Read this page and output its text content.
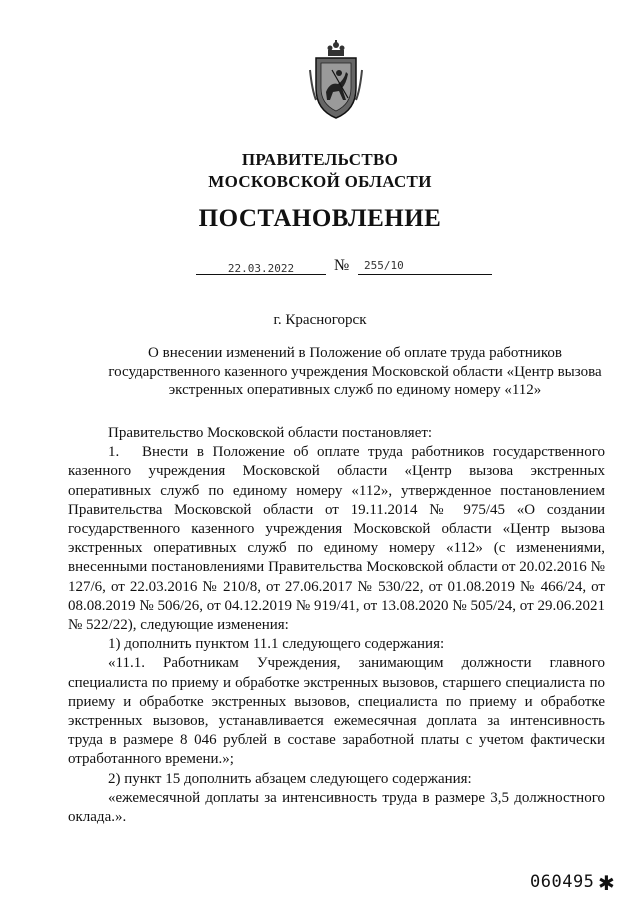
ПРАВИТЕЛЬСТВО

МОСКОВСКОЙ ОБЛАСТИ

ПОСТАНОВЛЕНИЕ

22.03.2022	№ 255/10

г. Красногорск

О внесении изменений в Положение об оплате труда работников государственного казенного учреждения Московской области «Центр вызова экстренных оперативных служб по единому номеру «112»

Правительство Московской области постановляет:

1. Внести в Положение об оплате труда работников государственного казенного учреждения Московской области «Центр вызова экстренных оперативных служб по единому номеру «112», утвержденное постановлением Правительства Московской области от 19.11.2014 № 975/45 «О создании государственного казенного учреждения Московской области «Центр вызова экстренных оперативных служб по единому номеру «112» (с изменениями, внесенными постановлениями Правительства Московской области от 20.02.2016 № 127/6, от 22.03.2016 № 210/8, от 27.06.2017 № 530/22, от 01.08.2019 № 466/24, от 08.08.2019 № 506/26, от 04.12.2019 № 919/41, от 13.08.2020 № 505/24, от 29.06.2021 № 522/22), следующие изменения:

1) дополнить пунктом 11.1 следующего содержания:

«11.1. Работникам Учреждения, занимающим должности главного специалиста по приему и обработке экстренных вызовов, старшего специалиста по приему и обработке экстренных вызовов, специалиста по приему и обработке экстренных вызовов, устанавливается ежемесячная доплата за интенсивность труда в размере 8 046 рублей в составе заработной платы с учетом фактически отработанного времени.»;

2) пункт 15 дополнить абзацем следующего содержания:

«ежемесячной доплаты за интенсивность труда в размере 3,5 должностного оклада.».

060495 ✱
